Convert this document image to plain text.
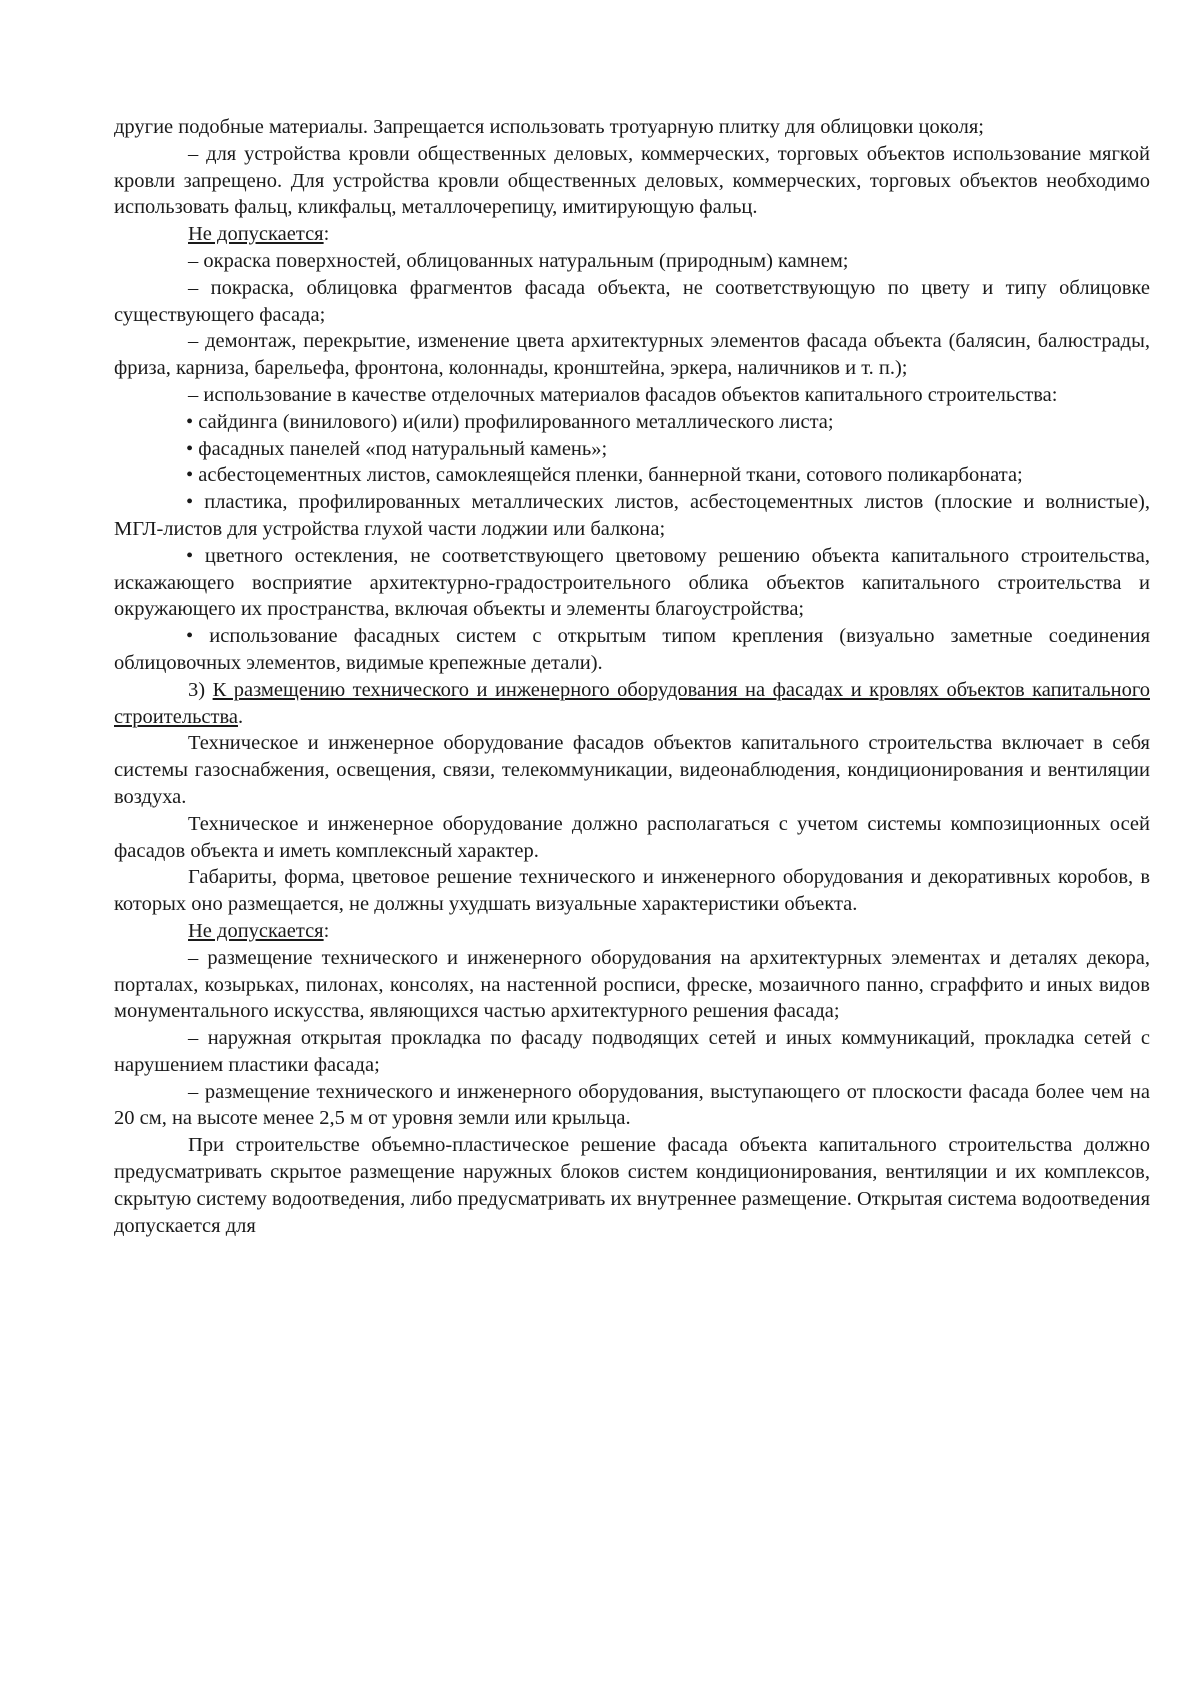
другие подобные материалы. Запрещается использовать тротуарную плитку для облицовки цоколя;

– для устройства кровли общественных деловых, коммерческих, торговых объектов использование мягкой кровли запрещено. Для устройства кровли общественных деловых, коммерческих, торговых объектов необходимо использовать фальц, кликфальц, металлочерепицу, имитирующую фальц.

Не допускается:

– окраска поверхностей, облицованных натуральным (природным) камнем;

– покраска, облицовка фрагментов фасада объекта, не соответствующую по цвету и типу облицовке существующего фасада;

– демонтаж, перекрытие, изменение цвета архитектурных элементов фасада объекта (балясин, балюстрады, фриза, карниза, барельефа, фронтона, колоннады, кронштейна, эркера, наличников и т. п.);

– использование в качестве отделочных материалов фасадов объектов капитального строительства:

• сайдинга (винилового) и(или) профилированного металлического листа;

• фасадных панелей «под натуральный камень»;

• асбестоцементных листов, самоклеящейся пленки, баннерной ткани, сотового поликарбоната;

• пластика, профилированных металлических листов, асбестоцементных листов (плоские и волнистые), МГЛ-листов для устройства глухой части лоджии или балкона;

• цветного остекления, не соответствующего цветовому решению объекта капитального строительства, искажающего восприятие архитектурно-градостроительного облика объектов капитального строительства и окружающего их пространства, включая объекты и элементы благоустройства;

• использование фасадных систем с открытым типом крепления (визуально заметные соединения облицовочных элементов, видимые крепежные детали).

3) К размещению технического и инженерного оборудования на фасадах и кровлях объектов капитального строительства.

Техническое и инженерное оборудование фасадов объектов капитального строительства включает в себя системы газоснабжения, освещения, связи, телекоммуникации, видеонаблюдения, кондиционирования и вентиляции воздуха.

Техническое и инженерное оборудование должно располагаться с учетом системы композиционных осей фасадов объекта и иметь комплексный характер.

Габариты, форма, цветовое решение технического и инженерного оборудования и декоративных коробов, в которых оно размещается, не должны ухудшать визуальные характеристики объекта.

Не допускается:

– размещение технического и инженерного оборудования на архитектурных элементах и деталях декора, порталах, козырьках, пилонах, консолях, на настенной росписи, фреске, мозаичного панно, сграффито и иных видов монументального искусства, являющихся частью архитектурного решения фасада;

– наружная открытая прокладка по фасаду подводящих сетей и иных коммуникаций, прокладка сетей с нарушением пластики фасада;

– размещение технического и инженерного оборудования, выступающего от плоскости фасада более чем на 20 см, на высоте менее 2,5 м от уровня земли или крыльца.

При строительстве объемно-пластическое решение фасада объекта капитального строительства должно предусматривать скрытое размещение наружных блоков систем кондиционирования, вентиляции и их комплексов, скрытую систему водоотведения, либо предусматривать их внутреннее размещение. Открытая система водоотведения допускается для
